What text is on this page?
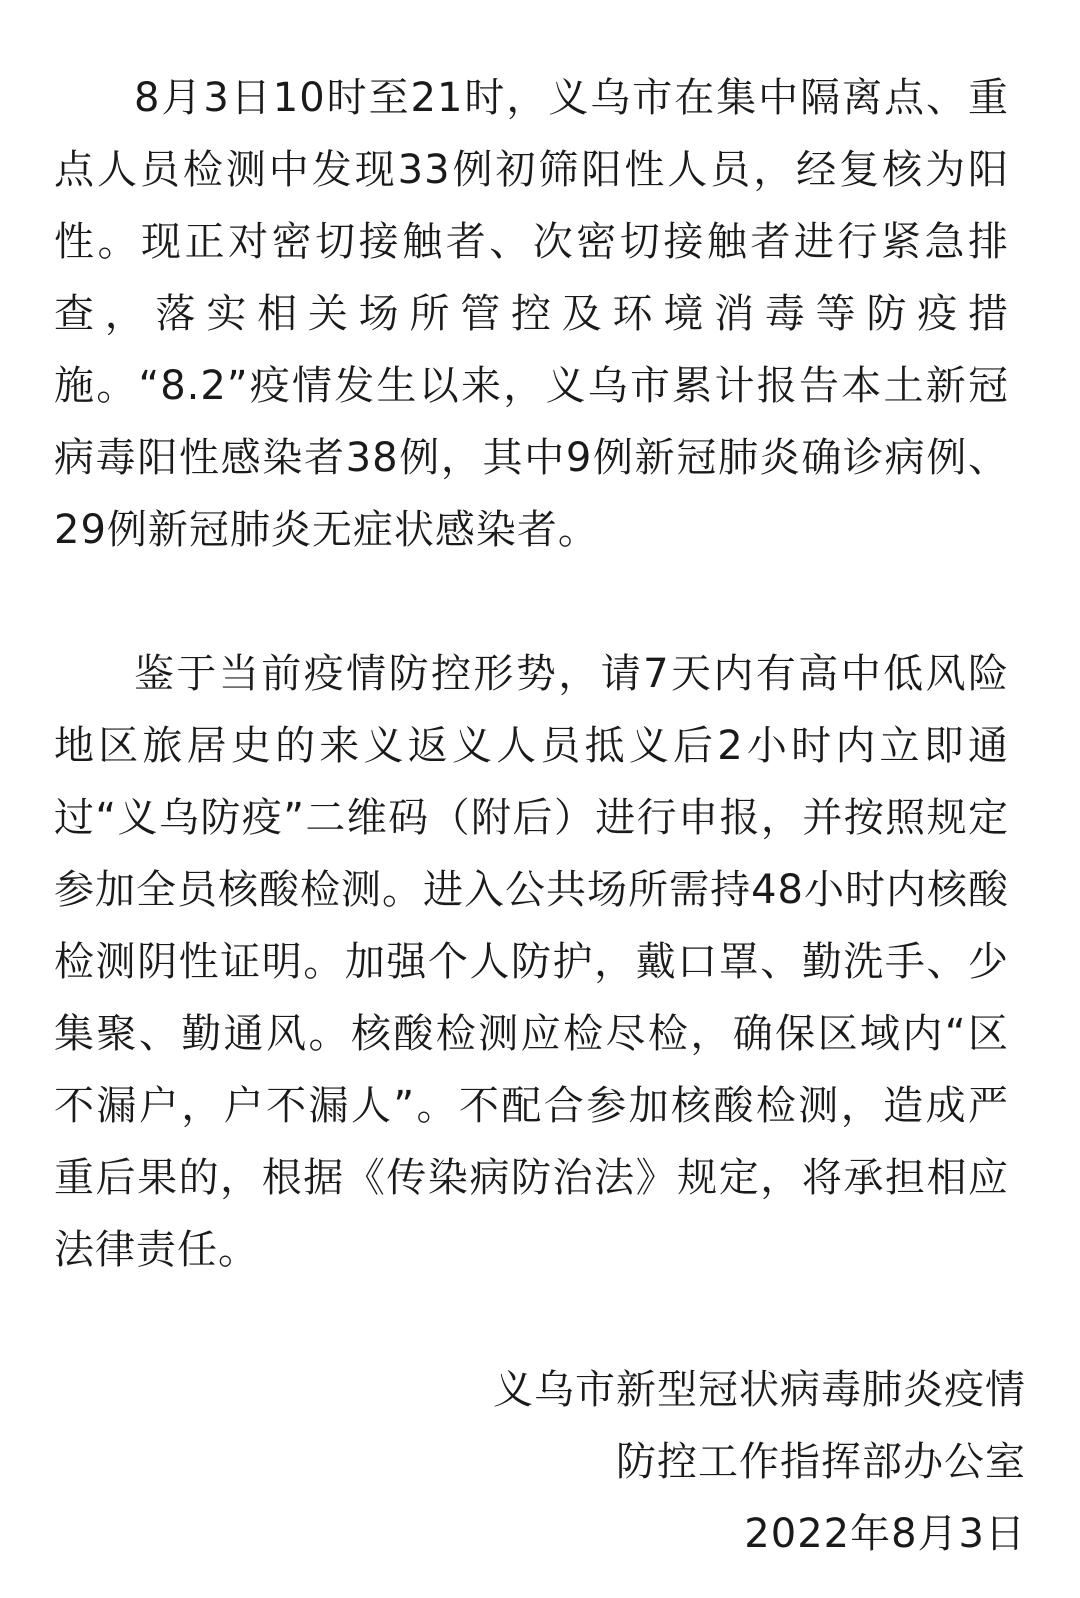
8月3日10时至21时，义乌市在集中隔离点、重点人员检测中发现33例初筛阳性人员，经复核为阳性。现正对密切接触者、次密切接触者进行紧急排查，落实相关场所管控及环境消毒等防疫措施。“8.2”疫情发生以来，义乌市累计报告本土新冠病毒阳性感染者38例，其中9例新冠肺炎确诊病例、29例新冠肺炎无症状感染者。

鉴于当前疫情防控形势，请7天内有高中低风险地区旅居史的来义返义人员抵义后2小时内立即通过“义乌防疫”二维码（附后）进行申报，并按照规定参加全员核酸检测。进入公共场所需持48小时内核酸检测阴性证明。加强个人防护，戴口罩、勤洗手、少集聚、勤通风。核酸检测应检尽检，确保区域内“区不漏户，户不漏人”。不配合参加核酸检测，造成严重后果的，根据《传染病防治法》规定，将承担相应法律责任。

义乌市新型冠状病毒肺炎疫情
防控工作指挥部办公室
2022年8月3日
